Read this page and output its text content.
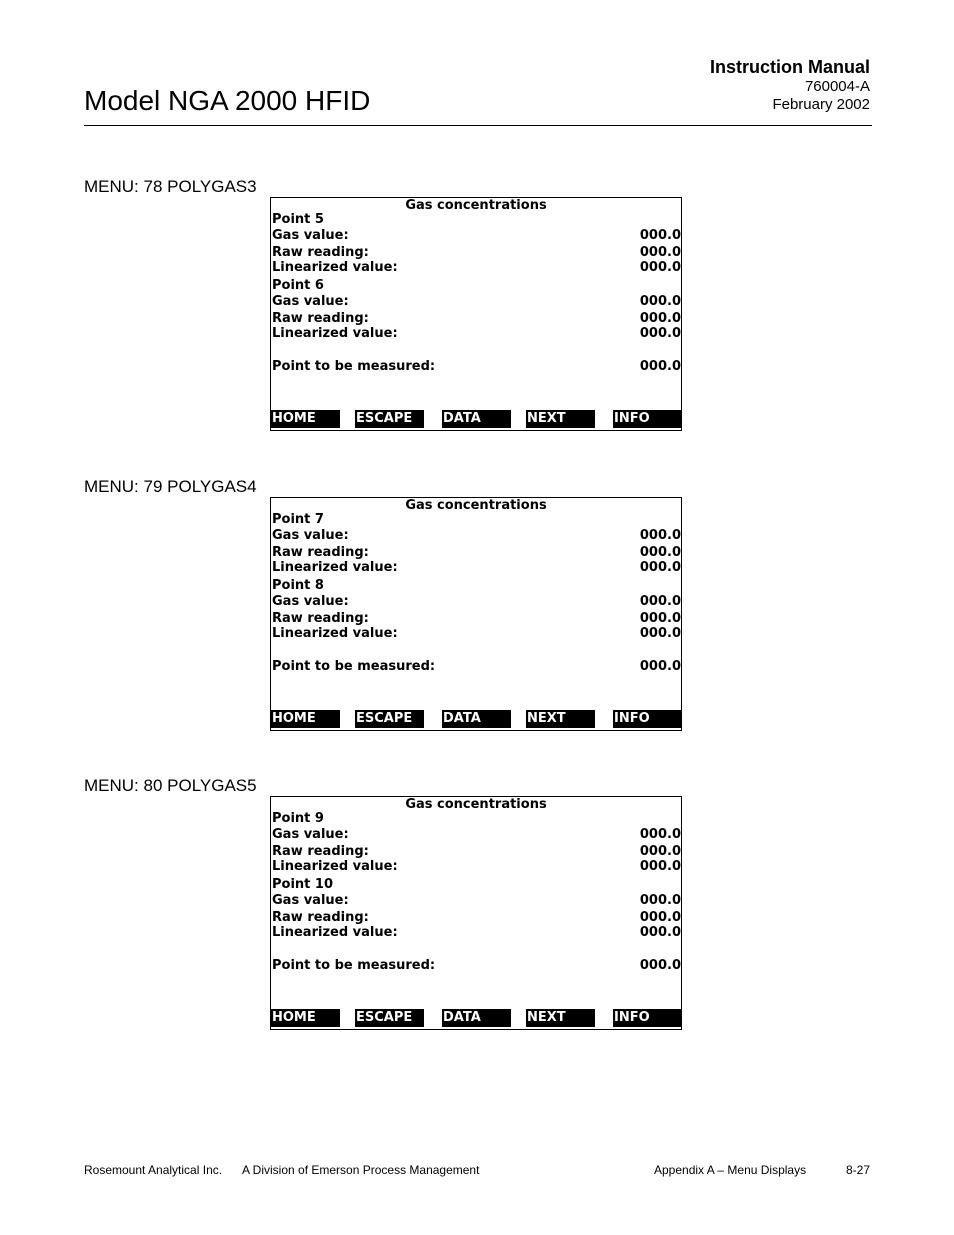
Model NGA 2000 HFID
Instruction Manual
760004-A
February 2002
MENU: 78 POLYGAS3
Gas concentrations
Point 5
Gas value:	000.0
Raw reading:	000.0
Linearized value:	000.0
Point 6
Gas value:	000.0
Raw reading:	000.0
Linearized value:	000.0
Point to be measured:	000.0
HOME	ESCAPE	DATA	NEXT	INFO
MENU: 79 POLYGAS4
Gas concentrations
Point 7
Gas value:	000.0
Raw reading:	000.0
Linearized value:	000.0
Point 8
Gas value:	000.0
Raw reading:	000.0
Linearized value:	000.0
Point to be measured:	000.0
HOME	ESCAPE	DATA	NEXT	INFO
MENU: 80 POLYGAS5
Gas concentrations
Point 9
Gas value:	000.0
Raw reading:	000.0
Linearized value:	000.0
Point 10
Gas value:	000.0
Raw reading:	000.0
Linearized value:	000.0
Point to be measured:	000.0
HOME	ESCAPE	DATA	NEXT	INFO
Rosemount Analytical Inc. A Division of Emerson Process Management	Appendix A – Menu Displays	8-27
